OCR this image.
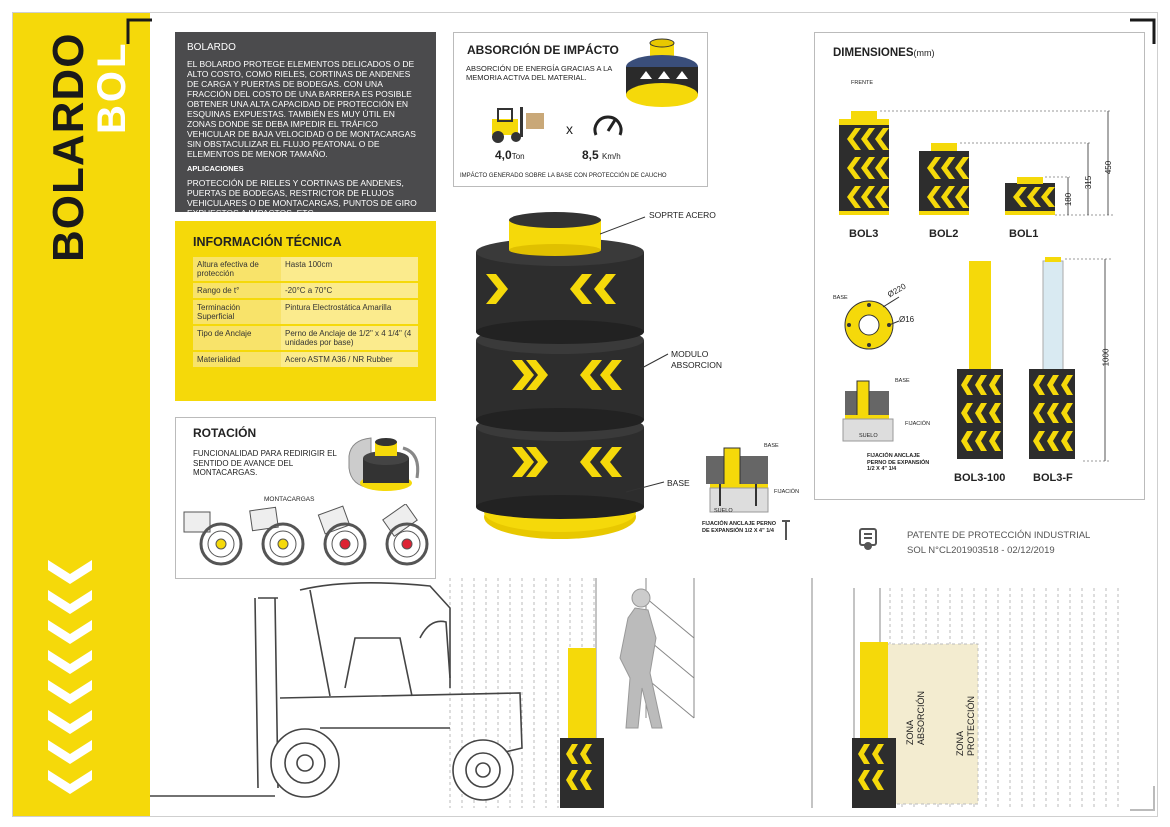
BOLARDO
BOL	BOLARDO

EL BOLARDO PROTEGE ELEMENTOS DELICADOS O DE ALTO COSTO, COMO RIELES, CORTINAS DE ANDENES DE CARGA Y PUERTAS DE BODEGAS. CON UNA FRACCIÓN DEL COSTO DE UNA BARRERA ES POSIBLE OBTENER UNA ALTA CAPACIDAD DE PROTECCIÓN EN ESQUINAS EXPUESTAS. TAMBIÉN ES MUY ÚTIL EN ZONAS DONDE SE DEBA IMPEDIR EL TRÁFICO VEHICULAR DE BAJA VELOCIDAD O DE MONTACARGAS SIN OBSTACULIZAR EL FLUJO PEATONAL O DE ELEMENTOS DE MENOR TAMAÑO.

APLICACIONES

PROTECCIÓN DE RIELES Y CORTINAS DE ANDENES, PUERTAS DE BODEGAS, RESTRICTOR DE FLUJOS VEHICULARES O DE MONTACARGAS, PUNTOS DE GIRO EXPUESTOS A IMPACTOS, ETC.

INFORMACIÓN TÉCNICA
Altura efectiva de protección	Hasta 100cm
Rango de t°	-20°C a 70°C
Terminación Superficial	Pintura Electrostática Amarilla
Tipo de Anclaje	Perno de Anclaje de 1/2" x 4 1/4" (4 unidades por base)
Materialidad	Acero ASTM A36 / NR Rubber
ROTACIÓN
FUNCIONALIDAD PARA REDIRIGIR EL SENTIDO DE AVANCE DEL MONTACARGAS.
MONTACARGAS
ABSORCIÓN DE IMPÁCTO
ABSORCIÓN DE ENERGÍA GRACIAS A LA MEMORIA ACTIVA DEL MATERIAL.
4,0Ton
x
8,5 Km/h
IMPÁCTO GENERADO SOBRE LA BASE CON PROTECCIÓN DE CAUCHO
SOPRTE ACERO
MODULO ABSORCION
BASE
BASE
FIJACIÓN
SUELO
FIJACIÓN ANCLAJE PERNO DE EXPANSIÓN 1/2 X 4" 1/4
DIMENSIONES(mm)
FRENTE
450
315
180
BOL3	BOL2	BOL1
BASE	Ø220
Ø16
BASE
FIJACIÓN
SUELO
FIJACIÓN ANCLAJE PERNO DE EXPANSIÓN 1/2 X 4" 1/4
1000
BOL3-100	BOL3-F
PATENTE DE PROTECCIÓN INDUSTRIAL
SOL N°CL201903518 - 02/12/2019
ZONA ABSORCIÓN	ZONA PROTECCIÓN
